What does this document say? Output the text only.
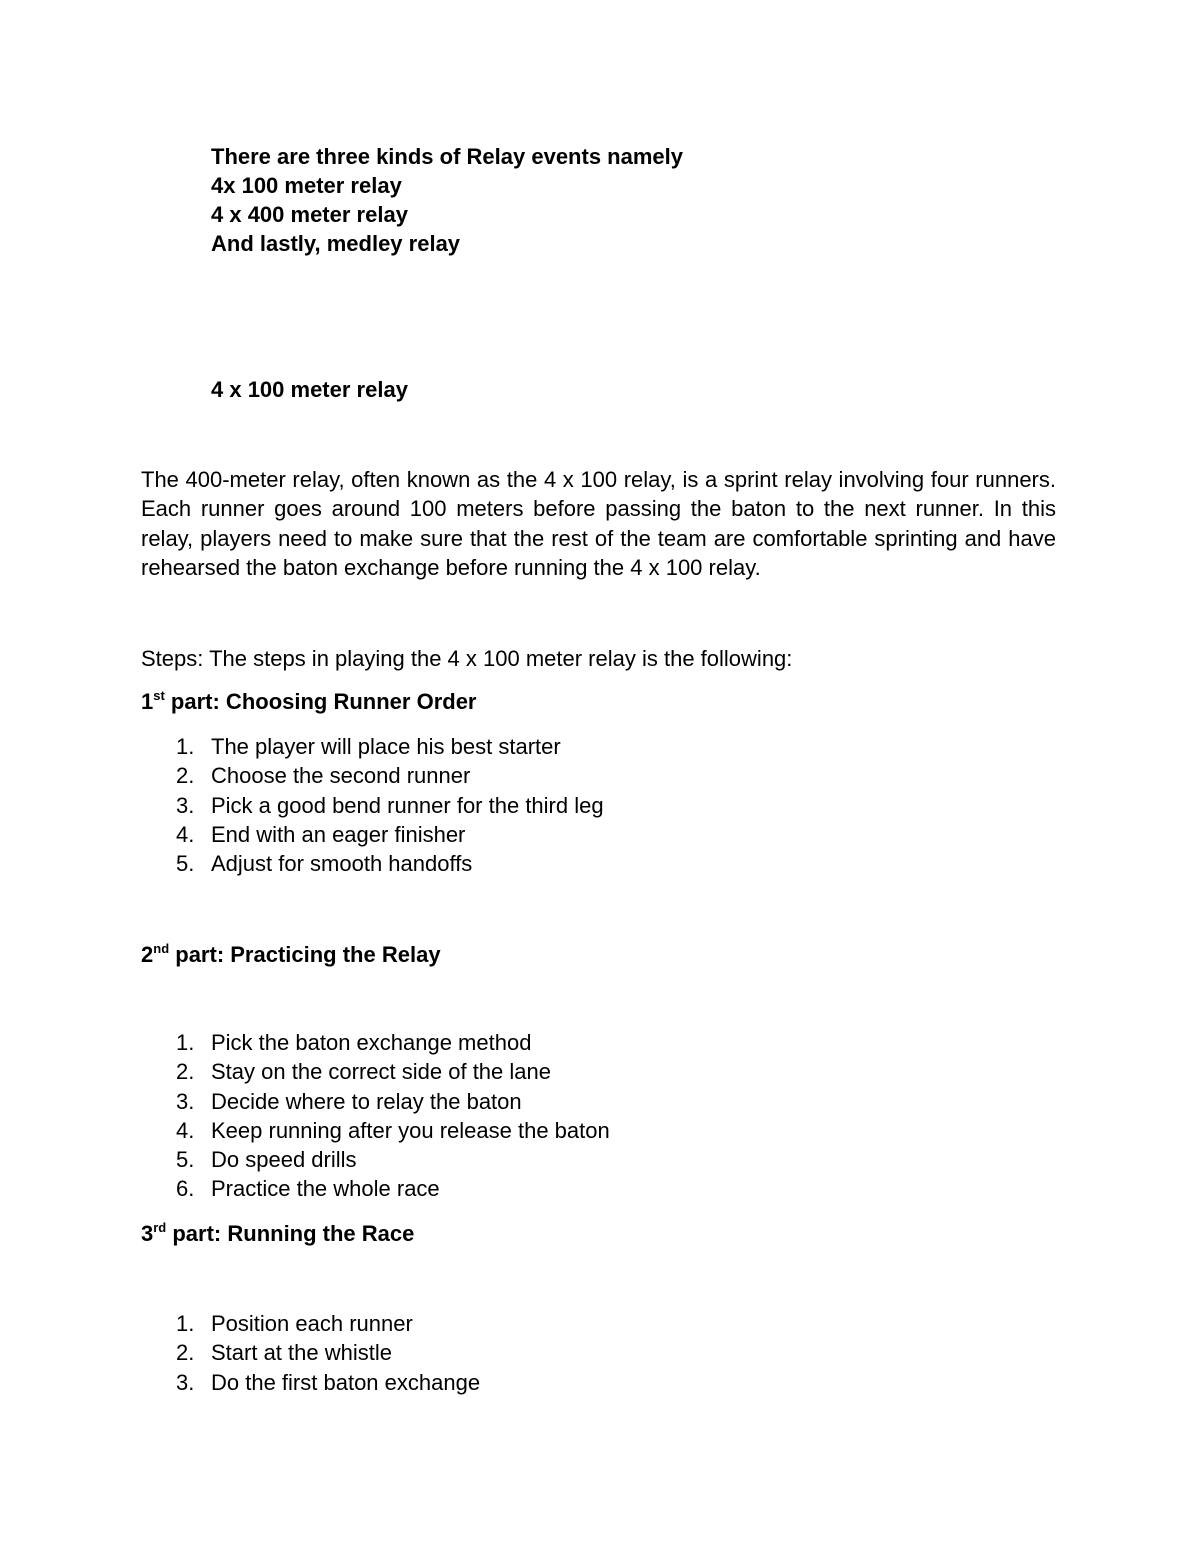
There are three kinds of Relay events namely
4x 100 meter relay
4 x 400 meter relay
And lastly, medley relay
4 x 100 meter relay
The 400-meter relay, often known as the 4 x 100 relay, is a sprint relay involving four runners. Each runner goes around 100 meters before passing the baton to the next runner. In this relay, players need to make sure that the rest of the team are comfortable sprinting and have rehearsed the baton exchange before running the 4 x 100 relay.
Steps: The steps in playing the 4 x 100 meter relay is the following:
1st part: Choosing Runner Order
1. The player will place his best starter
2. Choose the second runner
3. Pick a good bend runner for the third leg
4. End with an eager finisher
5. Adjust for smooth handoffs
2nd part: Practicing the Relay
1. Pick the baton exchange method
2. Stay on the correct side of the lane
3. Decide where to relay the baton
4. Keep running after you release the baton
5. Do speed drills
6. Practice the whole race
3rd part: Running the Race
1. Position each runner
2. Start at the whistle
3. Do the first baton exchange
